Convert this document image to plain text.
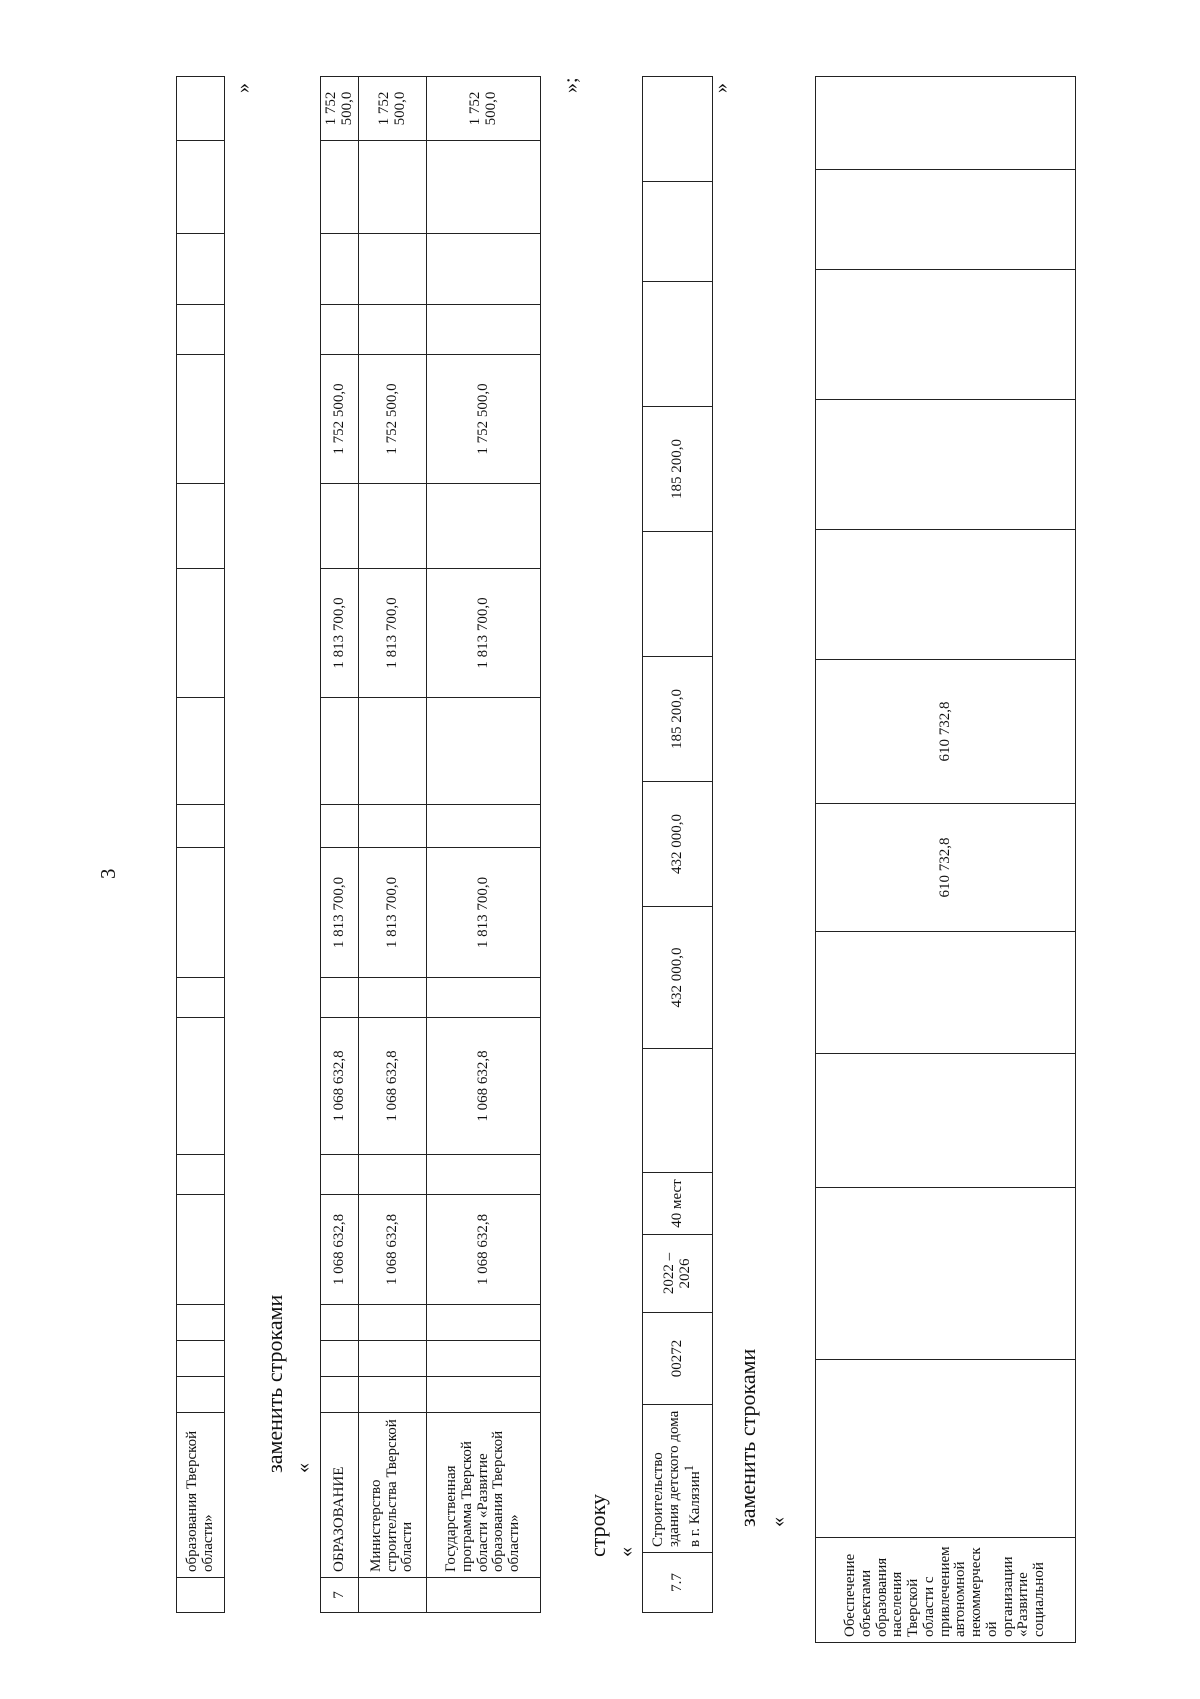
3
	образования Тверской области»																	
»
заменить строками «
7	ОБРАЗОВАНИЕ				1 068 632,8		1 068 632,8		1 813 700,0			1 813 700,0		1 752 500,0				1 752 500,0
	Министерство строительства Тверской области				1 068 632,8		1 068 632,8		1 813 700,0			1 813 700,0		1 752 500,0				1 752 500,0
	Государственная программа Тверской области «Развитие образования Тверской области»				1 068 632,8		1 068 632,8		1 813 700,0			1 813 700,0		1 752 500,0				1 752 500,0
»;
строку «
7.7	Строительство здания детского дома в г. Калязин$^1$	00272	2022 – 2026	40 мест		432 000,0	432 000,0	185 200,0		185 200,0			
»
заменить строками «
Обеспечение объектами образования населения Тверской области с привлечением автономной некоммерческой организации «Развитие социальной					610 732,8	610 732,8					
